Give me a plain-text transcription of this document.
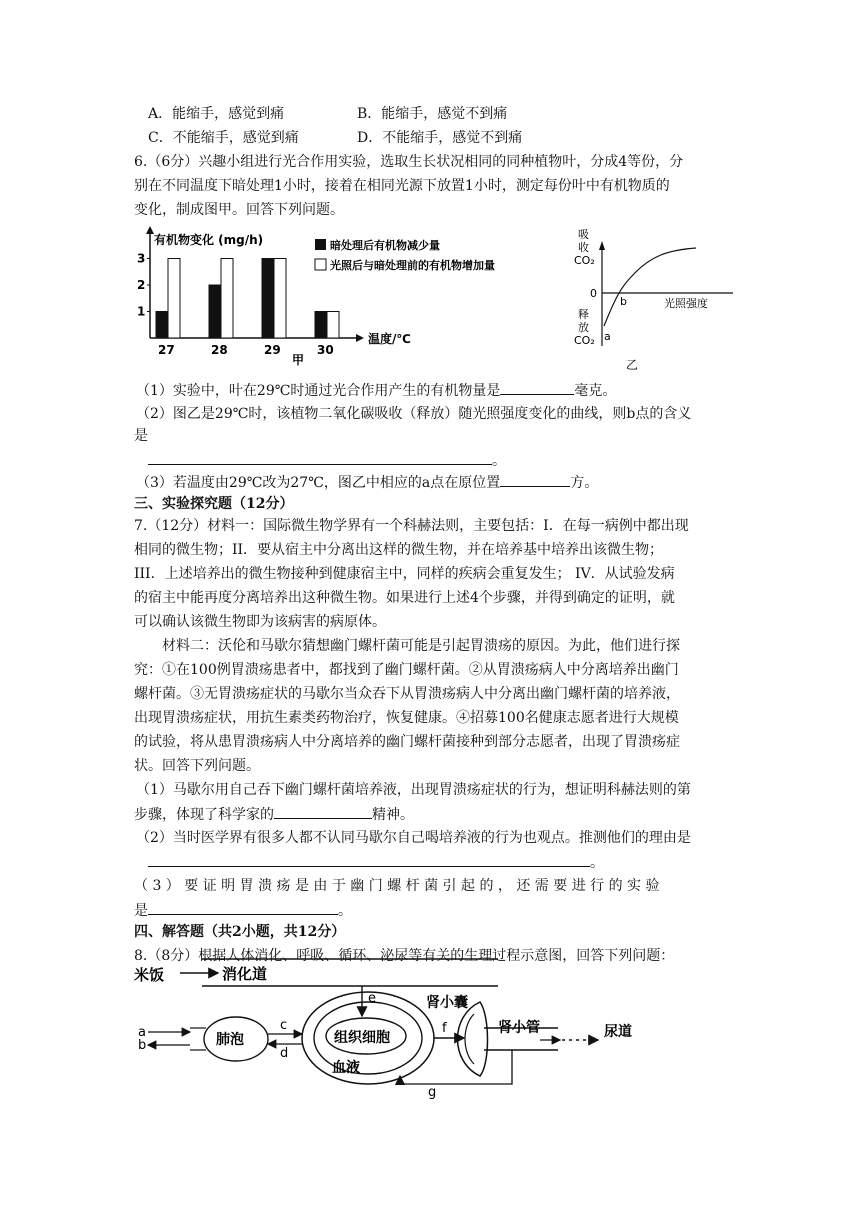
A．能缩手，感觉到痛	B．能缩手，感觉不到痛
C．不能缩手，感觉到痛	D．不能缩手，感觉不到痛
6.（6分）兴趣小组进行光合作用实验，选取生长状况相同的同种植物叶，分成4等份，分
别在不同温度下暗处理1小时，接着在相同光源下放置1小时，测定每份叶中有机物质的
变化，制成图甲。回答下列问题。
有机物变化 (mg/h)
温度/℃
甲
暗处理后有机物减少量
光照后与暗处理前的有机物增加量
1
2
3
27	28	29	30
吸
收
CO₂
0
释
放
CO₂
b
a
光照强度
乙
（1）实验中，叶在29℃时通过光合作用产生的有机物量是	毫克。
（2）图乙是29℃时，该植物二氧化碳吸收（释放）随光照强度变化的曲线，则b点的含义
是
。
（3）若温度由29℃改为27℃，图乙中相应的a点在原位置	方。
三、实验探究题（12分）
7.（12分）材料一：国际微生物学界有一个科赫法则，主要包括：I．在每一病例中都出现
相同的微生物；II．要从宿主中分离出这样的微生物，并在培养基中培养出该微生物；
III．上述培养出的微生物接种到健康宿主中，同样的疾病会重复发生； IV．从试验发病
的宿主中能再度分离培养出这种微生物。如果进行上述4个步骤，并得到确定的证明，就
可以确认该微生物即为该病害的病原体。
材料二：沃伦和马歇尔猜想幽门螺杆菌可能是引起胃溃疡的原因。为此，他们进行探
究：①在100例胃溃疡患者中，都找到了幽门螺杆菌。②从胃溃疡病人中分离培养出幽门
螺杆菌。③无胃溃疡症状的马歇尔当众吞下从胃溃疡病人中分离出幽门螺杆菌的培养液，
出现胃溃疡症状，用抗生素类药物治疗，恢复健康。④招募100名健康志愿者进行大规模
的试验，将从患胃溃疡病人中分离培养的幽门螺杆菌接种到部分志愿者，出现了胃溃疡症
状。回答下列问题。
（1）马歇尔用自己吞下幽门螺杆菌培养液，出现胃溃疡症状的行为，想证明科赫法则的第
步骤，体现了科学家的	精神。
（2）当时医学界有很多人都不认同马歇尔自己喝培养液的行为也观点。推测他们的理由是
。
（ 3 ） 要 证 明 胃 溃 疡 是 由 于 幽 门 螺 杆 菌 引 起 的 ， 还 需 要 进 行 的 实 验
是	。
四、解答题（共2小题，共12分）
8.（8分）根据人体消化、呼吸、循环、泌尿等有关的生理过程示意图，回答下列问题：
米饭	消化道
e	肾小囊
a
b	肺泡
c
d
组织细胞
血液
f	肾小管	尿道
g
